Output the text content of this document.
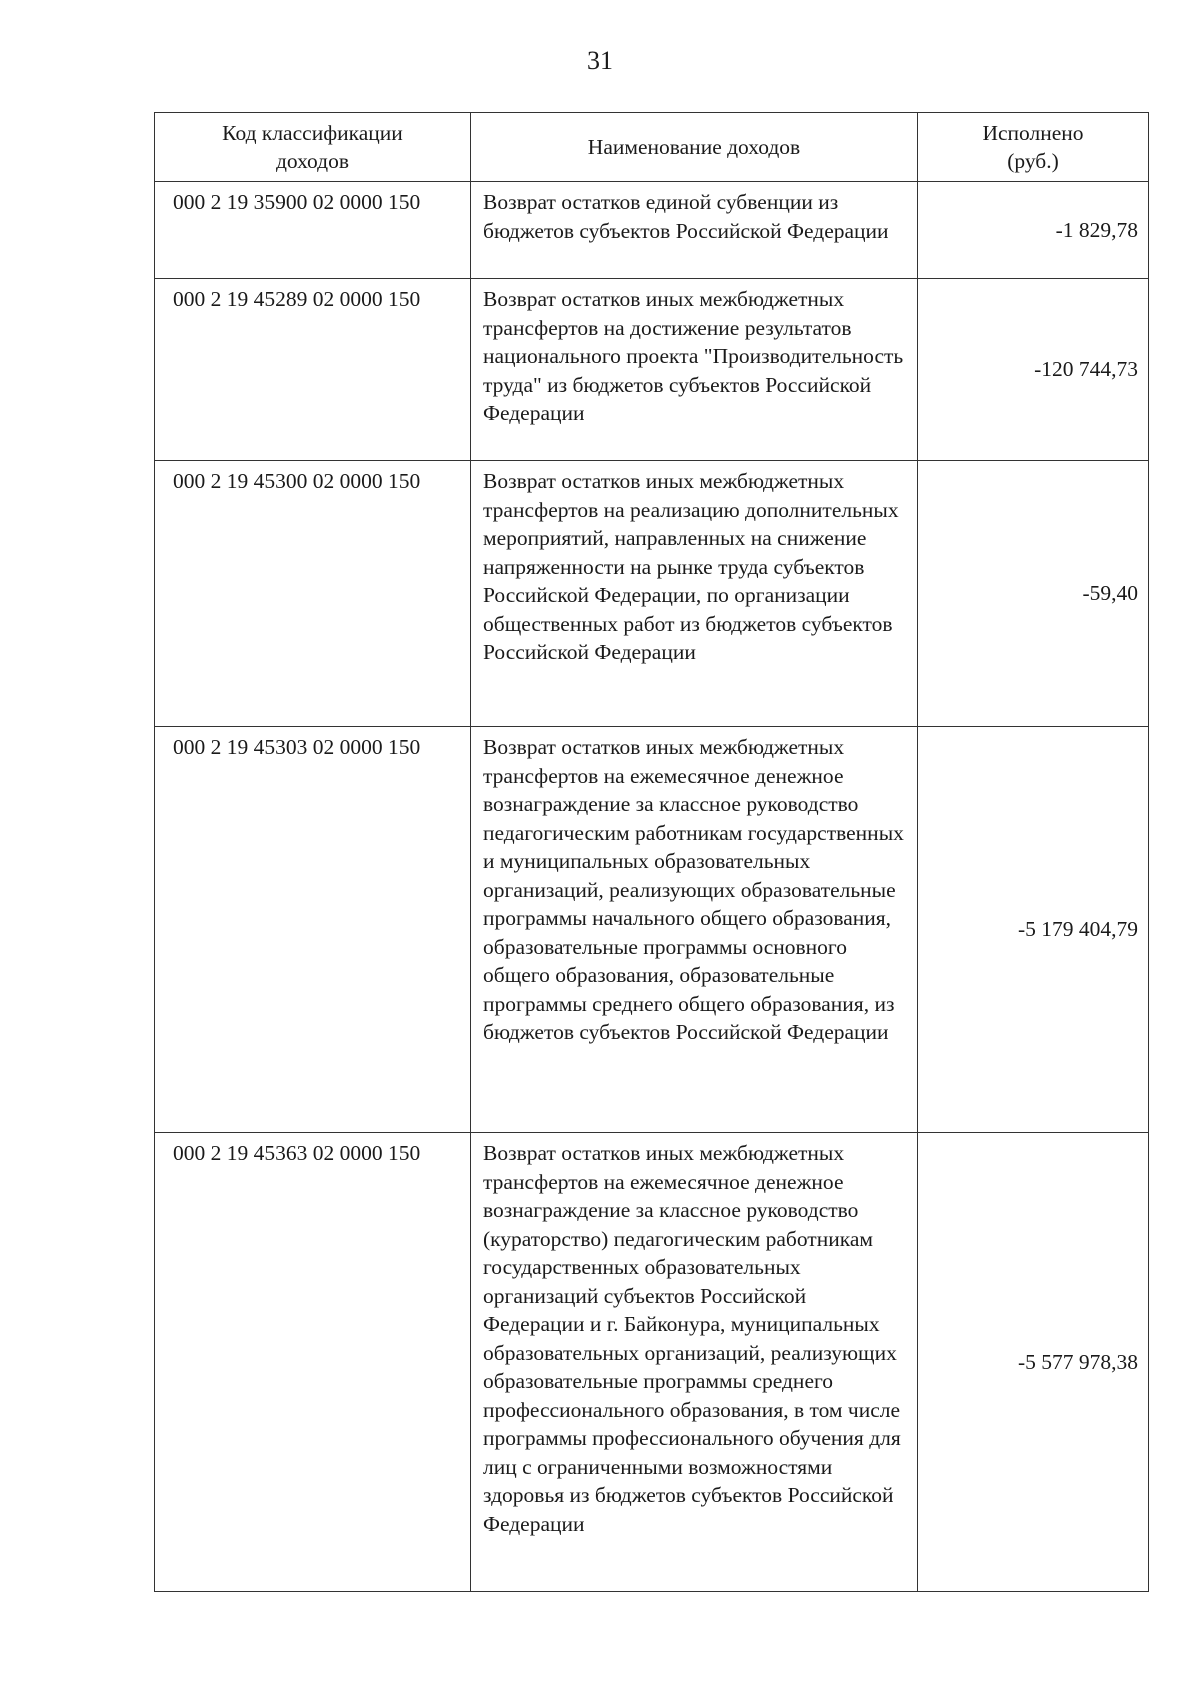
31
Код классификации доходов	Наименование доходов	Исполнено (руб.)

000 2 19 35900 02 0000 150	Возврат остатков единой субвенции из бюджетов субъектов Российской Федерации	-1 829,78
000 2 19 45289 02 0000 150	Возврат остатков иных межбюджетных трансфертов на достижение результатов национального проекта "Производительность труда" из бюджетов субъектов Российской Федерации	-120 744,73
000 2 19 45300 02 0000 150	Возврат остатков иных межбюджетных трансфертов на реализацию дополнительных мероприятий, направленных на снижение напряженности на рынке труда субъектов Российской Федерации, по организации общественных работ из бюджетов субъектов Российской Федерации	-59,40
000 2 19 45303 02 0000 150	Возврат остатков иных межбюджетных трансфертов на ежемесячное денежное вознаграждение за классное руководство педагогическим работникам государственных и муниципальных образовательных организаций, реализующих образовательные программы начального общего образования, образовательные программы основного общего образования, образовательные программы среднего общего образования, из бюджетов субъектов Российской Федерации	-5 179 404,79
000 2 19 45363 02 0000 150	Возврат остатков иных межбюджетных трансфертов на ежемесячное денежное вознаграждение за классное руководство (кураторство) педагогическим работникам государственных образовательных организаций субъектов Российской Федерации и г. Байконура, муниципальных образовательных организаций, реализующих образовательные программы среднего профессионального образования, в том числе программы профессионального обучения для лиц с ограниченными возможностями здоровья из бюджетов субъектов Российской Федерации	-5 577 978,38
